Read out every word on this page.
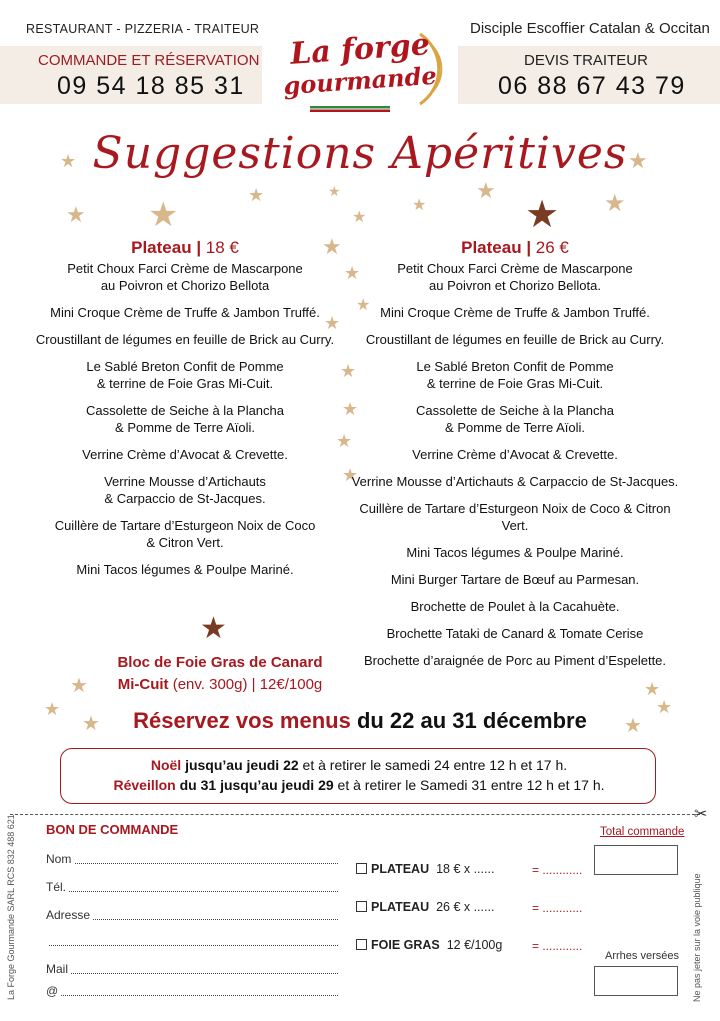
RESTAURANT - PIZZERIA - TRAITEUR
COMMANDE ET RÉSERVATION
09 54 18 85 31
Disciple Escoffier Catalan & Occitan
DEVIS TRAITEUR
06 88 67 43 79
La forge
gourmande
Suggestions Apéritives
★
★ ★
★	★
★
★
★	★
★
★
★
★
★
★
★
★
★
★
★
★
★
★
★
★
★
Plateau | 18 €
Petit Choux Farci Crème de Mascarpone
au Poivron et Chorizo Bellota
Mini Croque Crème de Truffe & Jambon Truffé.
Croustillant de légumes en feuille de Brick au Curry.
Le Sablé Breton Confit de Pomme
& terrine de Foie Gras Mi-Cuit.
Cassolette de Seiche à la Plancha
& Pomme de Terre Aïoli.
Verrine Crème d’Avocat & Crevette.
Verrine Mousse d’Artichauts
& Carpaccio de St-Jacques.
Cuillère de Tartare d’Esturgeon Noix de Coco
& Citron Vert.
Mini Tacos légumes & Poulpe Mariné.
Plateau | 26 €
Petit Choux Farci Crème de Mascarpone
au Poivron et Chorizo Bellota.
Mini Croque Crème de Truffe & Jambon Truffé.
Croustillant de légumes en feuille de Brick au Curry.
Le Sablé Breton Confit de Pomme
& terrine de Foie Gras Mi-Cuit.
Cassolette de Seiche à la Plancha
& Pomme de Terre Aïoli.
Verrine Crème d’Avocat & Crevette.
Verrine Mousse d’Artichauts & Carpaccio de St-Jacques.
Cuillère de Tartare d’Esturgeon Noix de Coco & Citron Vert.
Mini Tacos légumes & Poulpe Mariné.
Mini Burger Tartare de Bœuf au Parmesan.
Brochette de Poulet à la Cacahuète.
Brochette Tataki de Canard & Tomate Cerise
Brochette d’araignée de Porc au Piment d’Espelette.
Bloc de Foie Gras de Canard
Mi-Cuit (env. 300g) | 12€/100g
Réservez vos menus du 22 au 31 décembre
Noël jusqu’au jeudi 22 et à retirer le samedi 24 entre 12 h et 17 h.
Réveillon du 31 jusqu’au jeudi 29 et à retirer le Samedi 31 entre 12 h et 17 h.
✂
La Forge Gourmande SARL RCS 832 488 621	Ne pas jeter sur la voie publique
BON DE COMMANDE
Nom
Tél.
Adresse
Mail
@
PLATEAU 18 € x ......	= ............
PLATEAU 26 € x ......	= ............
FOIE GRAS 12 €/100g = ............
Total commande
Arrhes versées
